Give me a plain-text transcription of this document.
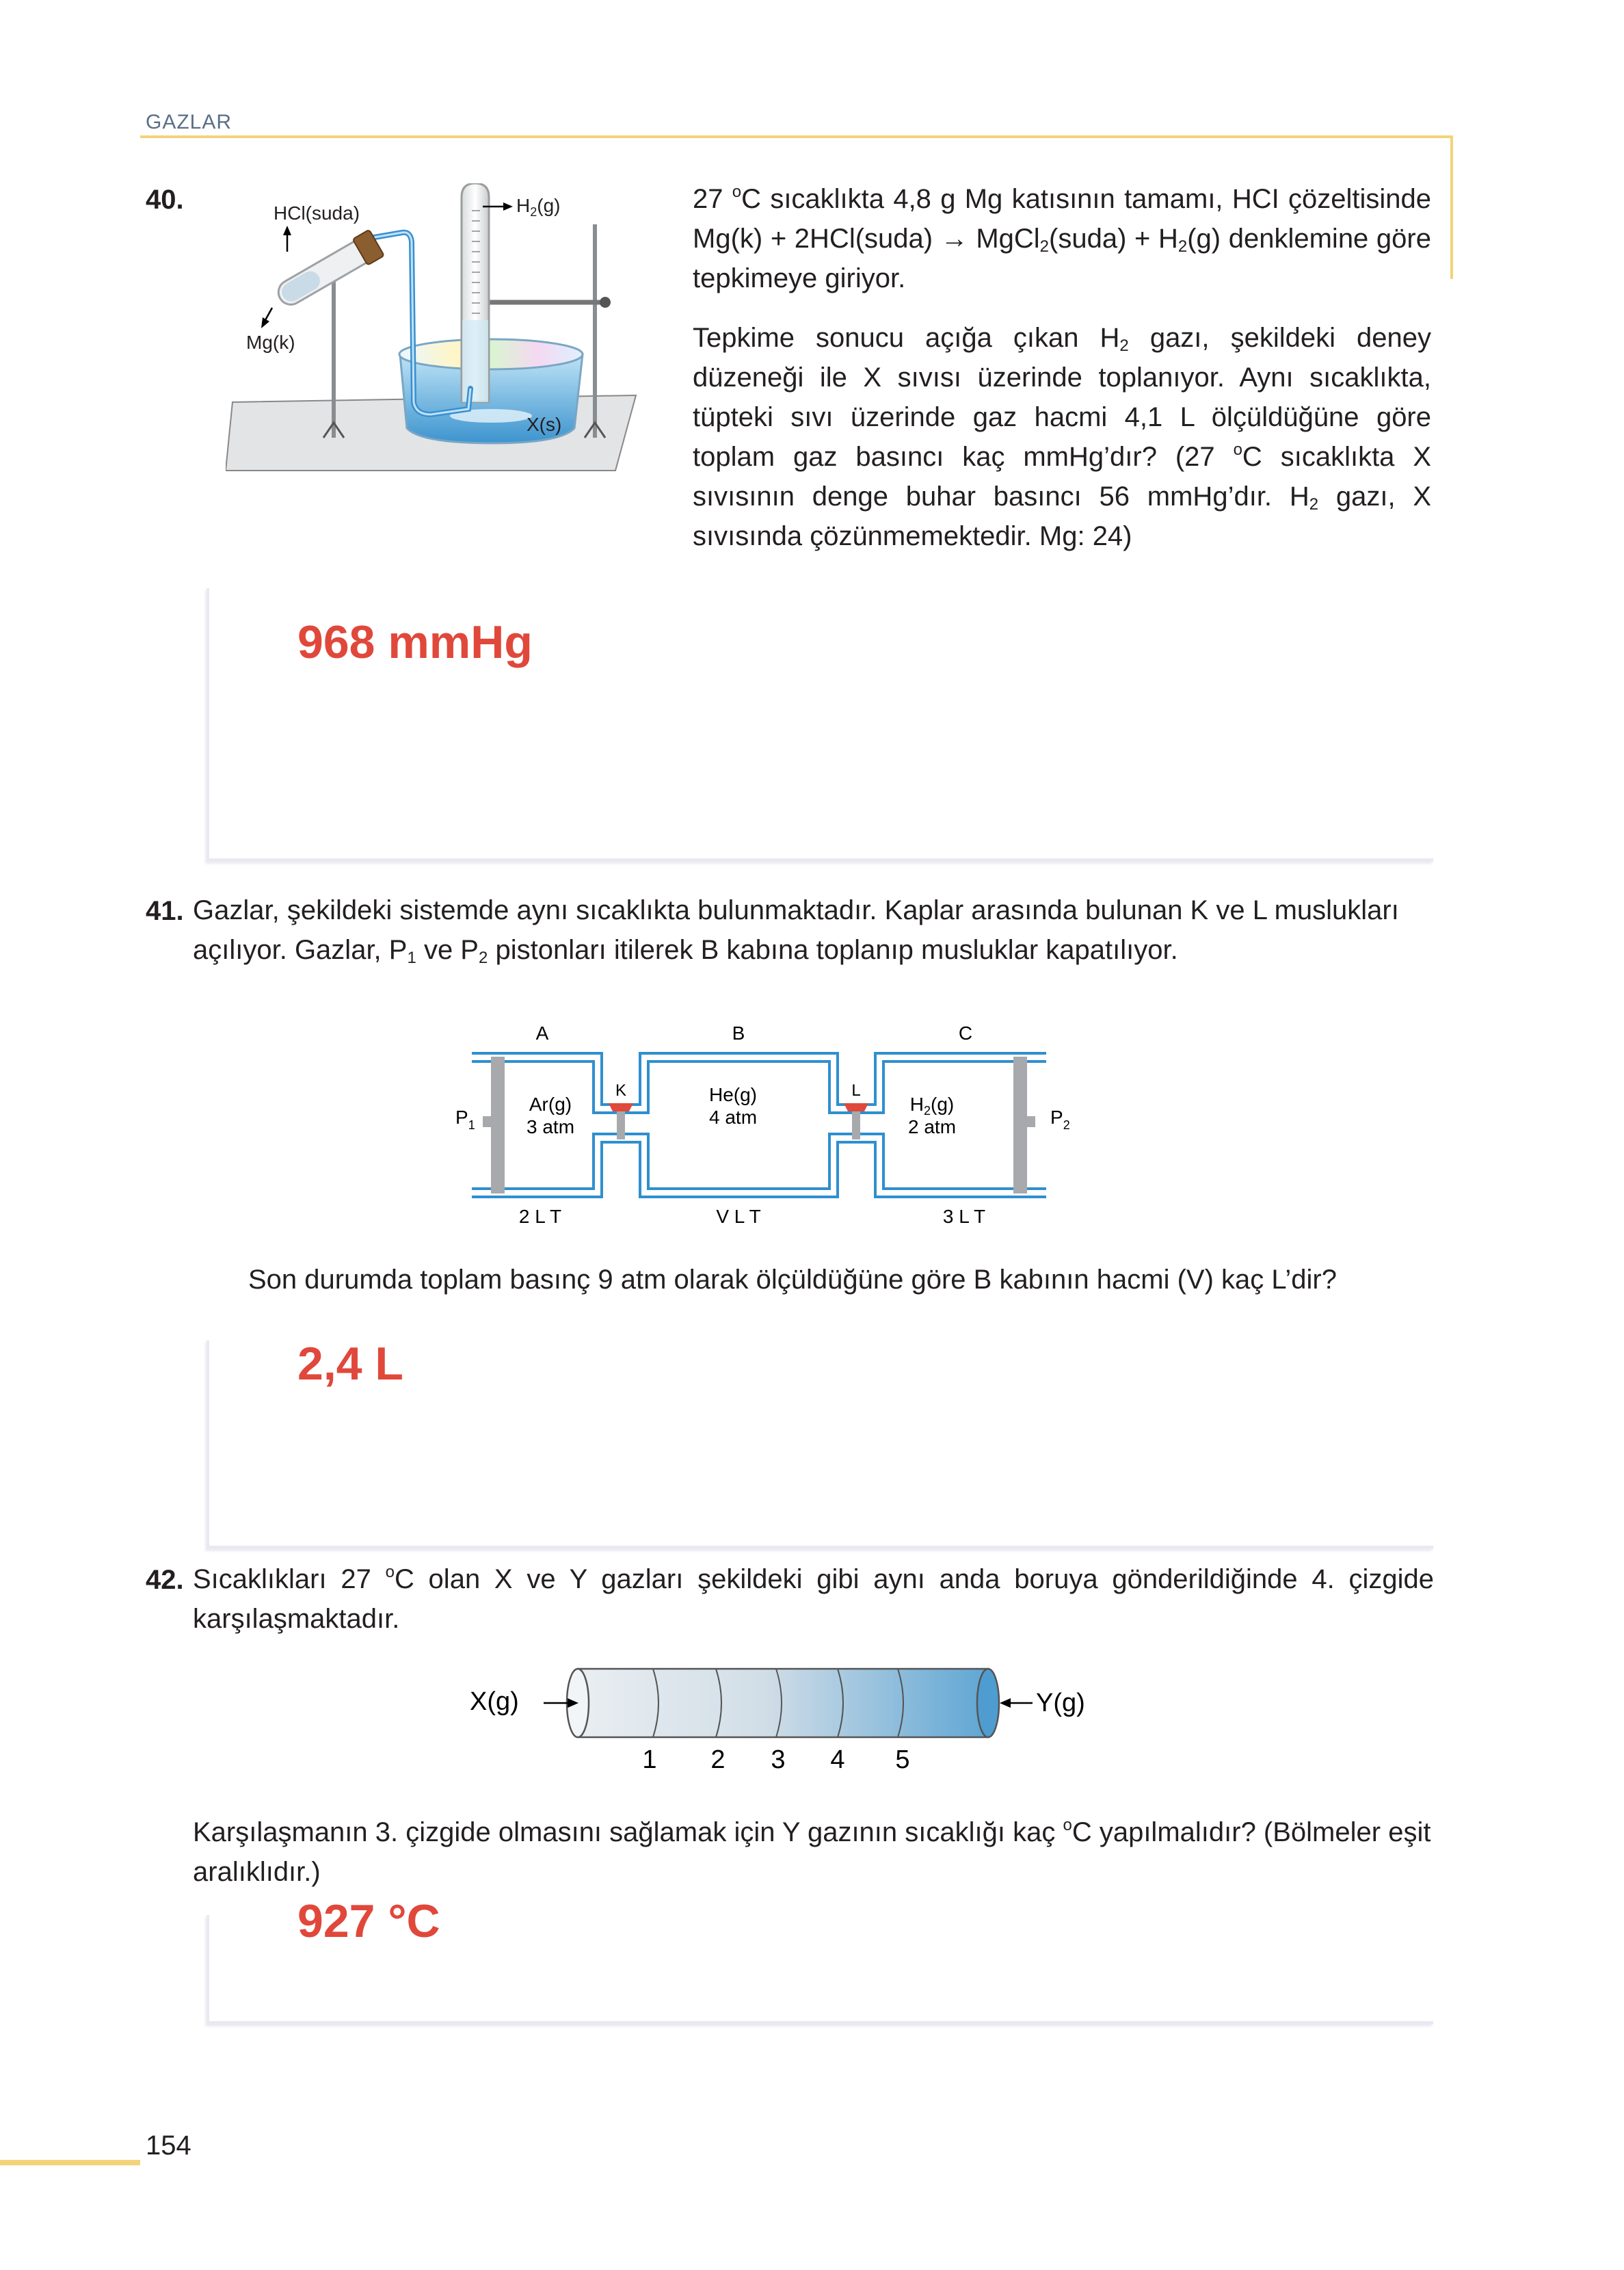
GAZLAR
40.	HCl(suda)	$H_2(g)$
Mg(k)
X(s)
27 $^o$C sıcaklıkta 4,8 g Mg katısının tamamı, HCI çözeltisinde Mg(k) + 2HCl(suda) → MgCl$_2$(suda) + $H_2(g)$ denklemine göre tepkimeye giriyor.
Tepkime sonucu açığa çıkan $H_2$ gazı, şekildeki deney düzeneği ile X sıvısı üzerinde toplanıyor. Aynı sıcaklıkta, tüpteki sıvı üzerinde gaz hacmi 4,1 L ölçüldüğüne göre toplam gaz basıncı kaç mmHg’dır? (27 $^o$C sıcaklıkta X sıvısının denge buhar basıncı 56 mmHg’dır. $H_2$ gazı, X sıvısında çözünmemektedir. Mg: 24)
968 mmHg
41. Gazlar, şekildeki sistemde aynı sıcaklıkta bulunmaktadır. Kaplar arasında bulunan K ve L muslukları açılıyor. Gazlar, $P_1$ ve $P_2$ pistonları itilerek B kabına toplanıp musluklar kapatılıyor.
A	B	C
K	L
Ar(g)
3 atm
He(g)
4 atm
$H_2(g)$
2 atm
2 L T	V L T	3 L T
$P_1$	$P_2$
Son durumda toplam basınç 9 atm olarak ölçüldüğüne göre B kabının hacmi (V) kaç L’dir?
2,4 L
42. Sıcaklıkları 27 $^o$C olan X ve Y gazları şekildeki gibi aynı anda boruya gönderildiğinde 4. çizgide karşılaşmaktadır.
X(g)	Y(g)
1 2 3 4 5
Karşılaşmanın 3. çizgide olmasını sağlamak için Y gazının sıcaklığı kaç $^o$C yapılmalıdır? (Bölmeler eşit aralıklıdır.)
927 °C
154
